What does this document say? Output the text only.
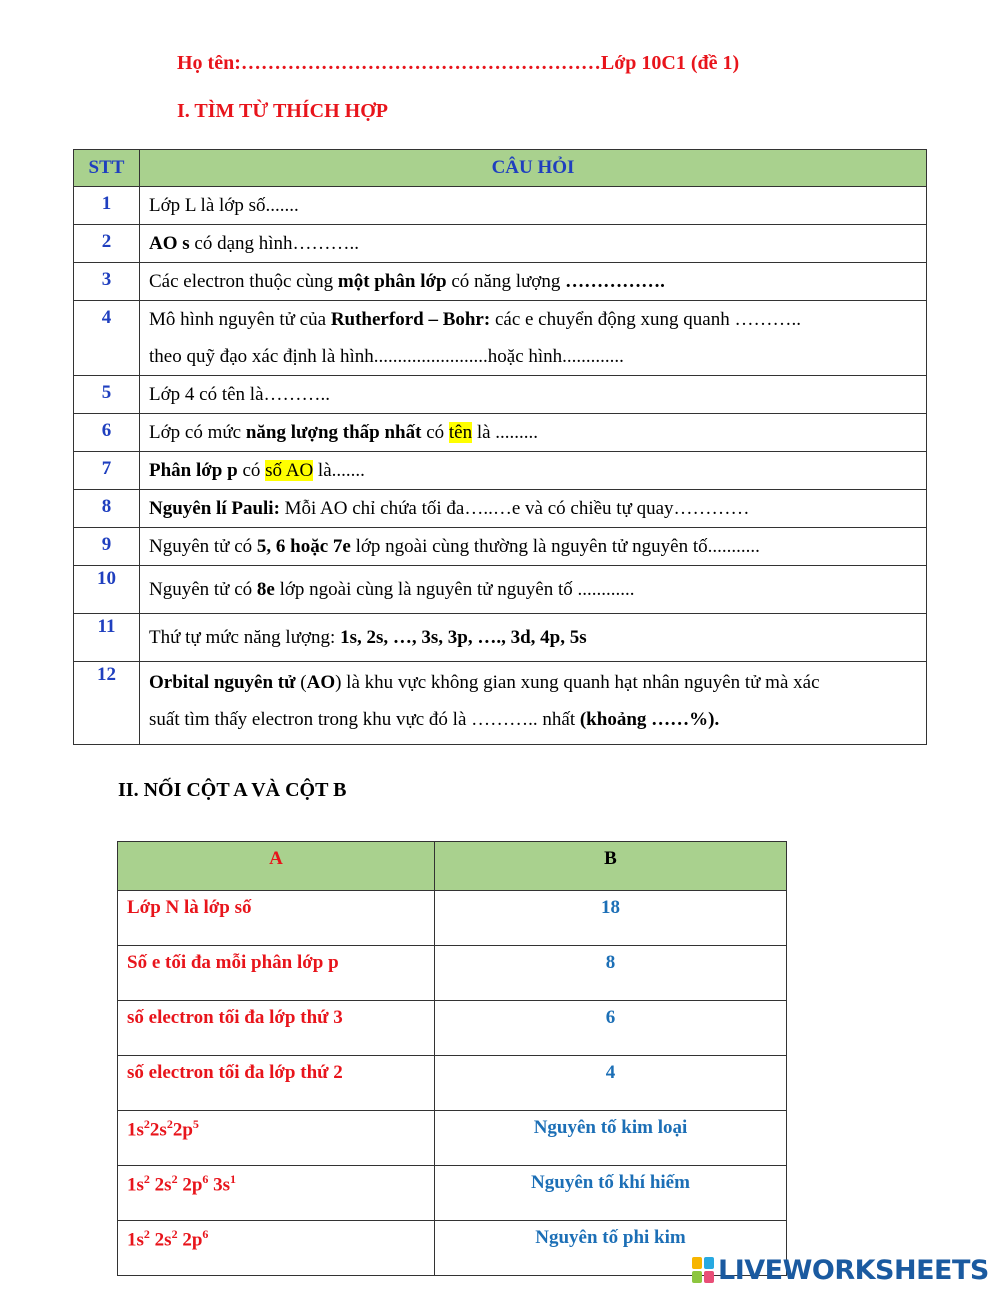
Họ tên:………………………………………………Lớp 10C1 (đề 1)
I. TÌM TỪ THÍCH HỢP
STT	CÂU HỎI
1	Lớp L là lớp số.......
2	AO s có dạng hình………..
3	Các electron thuộc cùng một phân lớp có năng lượng …………….
4	Mô hình nguyên tử của Rutherford – Bohr: các e chuyển động xung quanh ………..
theo quỹ đạo xác định là hình........................hoặc hình.............
5	Lớp 4 có tên là………..
6	Lớp có mức năng lượng thấp nhất có tên là .........
7	Phân lớp p có số AO là.......
8	Nguyên lí Pauli: Mỗi AO chỉ chứa tối đa…..…e và có chiều tự quay…………
9	Nguyên tử có 5, 6 hoặc 7e lớp ngoài cùng thường là nguyên tử nguyên tố...........
10	Nguyên tử có 8e lớp ngoài cùng là nguyên tử nguyên tố ............
11	Thứ tự mức năng lượng: 1s, 2s, …, 3s, 3p, …., 3d, 4p, 5s
12	Orbital nguyên tử (AO) là khu vực không gian xung quanh hạt nhân nguyên tử mà xác
suất tìm thấy electron trong khu vực đó là ……….. nhất (khoảng ……%).
II. NỐI CỘT A VÀ CỘT B
A	B
Lớp N là lớp số	18
Số e tối đa mỗi phân lớp p	8
số electron tối đa lớp thứ 3	6
số electron tối đa lớp thứ 2	4
$1s^22s^22p^5$	Nguyên tố kim loại
$1s^2$ $2s^2$ $2p^6$ $3s^1$	Nguyên tố khí hiếm
$1s^2$ $2s^2$ $2p^6$	Nguyên tố phi kim
LIVEWORKSHEETS
